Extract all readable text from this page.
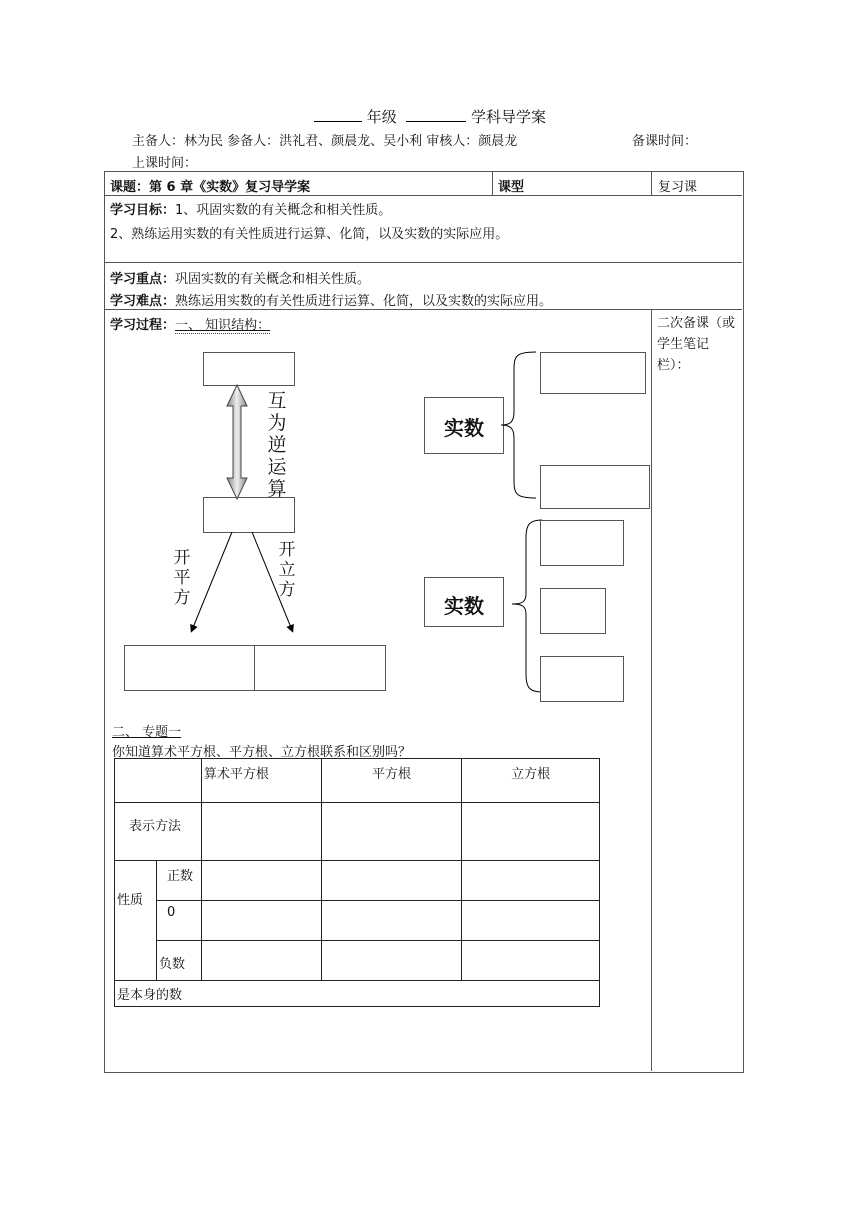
年级	学科导学案
主备人：林为民 参备人：洪礼君、颜晨龙、吴小利 审核人：颜晨龙	备课时间：
上课时间：
课题：第 6 章《实数》复习导学案	课型	复习课
学习目标：1、巩固实数的有关概念和相关性质。
2、熟练运用实数的有关性质进行运算、化简，以及实数的实际应用。
学习重点：巩固实数的有关概念和相关性质。
学习难点：熟练运用实数的有关性质进行运算、化简，以及实数的实际应用。
学习过程：一、 知识结构：	二次备课（或学生笔记栏）：
互
为
逆
运
算
开
平
方
开
立
方
实数
实数
二、 专题一
你知道算术平方根、平方根、立方根联系和区别吗？
		算术平方根	平方根	立方根
表示方法				
性质	正数			
	0			
	负数			
是本身的数				
